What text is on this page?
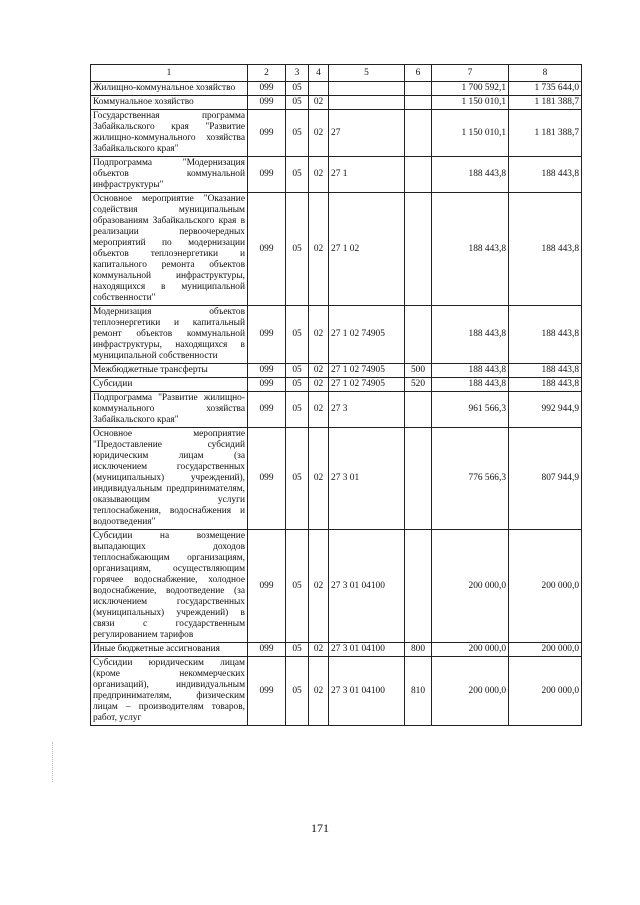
1	2	3	4	5	6	7	8
Жилищно-коммунальное хозяйство	099	05				1 700 592,1	1 735 644,0
Коммунальное хозяйство	099	05	02			1 150 010,1	1 181 388,7
Государственная программа Забайкальского края "Развитие жилищно-коммунального хозяйства Забайкальского края"	099	05	02	27		1 150 010,1	1 181 388,7
Подпрограмма "Модернизация объектов коммунальной инфраструктуры"	099	05	02	27 1		188 443,8	188 443,8
Основное мероприятие "Оказание содействия муниципальным образованиям Забайкальского края в реализации первоочередных мероприятий по модернизации объектов теплоэнергетики и капитального ремонта объектов коммунальной инфраструктуры, находящихся в муниципальной собственности"	099	05	02	27 1 02		188 443,8	188 443,8
Модернизация объектов теплоэнергетики и капитальный ремонт объектов коммунальной инфраструктуры, находящихся в муниципальной собственности	099	05	02	27 1 02 74905		188 443,8	188 443,8
Межбюджетные трансферты	099	05	02	27 1 02 74905	500	188 443,8	188 443,8
Субсидии	099	05	02	27 1 02 74905	520	188 443,8	188 443,8
Подпрограмма "Развитие жилищно-коммунального хозяйства Забайкальского края"	099	05	02	27 3		961 566,3	992 944,9
Основное мероприятие "Предоставление субсидий юридическим лицам (за исключением государственных (муниципальных) учреждений), индивидуальным предпринимателям, оказывающим услуги теплоснабжения, водоснабжения и водоотведения"	099	05	02	27 3 01		776 566,3	807 944,9
Субсидии на возмещение выпадающих доходов теплоснабжающим организациям, организациям, осуществляющим горячее водоснабжение, холодное водоснабжение, водоотведение (за исключением государственных (муниципальных) учреждений) в связи с государственным регулированием тарифов	099	05	02	27 3 01 04100		200 000,0	200 000,0
Иные бюджетные ассигнования	099	05	02	27 3 01 04100	800	200 000,0	200 000,0
Субсидии юридическим лицам (кроме некоммерческих организаций), индивидуальным предпринимателям, физическим лицам – производителям товаров, работ, услуг	099	05	02	27 3 01 04100	810	200 000,0	200 000,0
171
